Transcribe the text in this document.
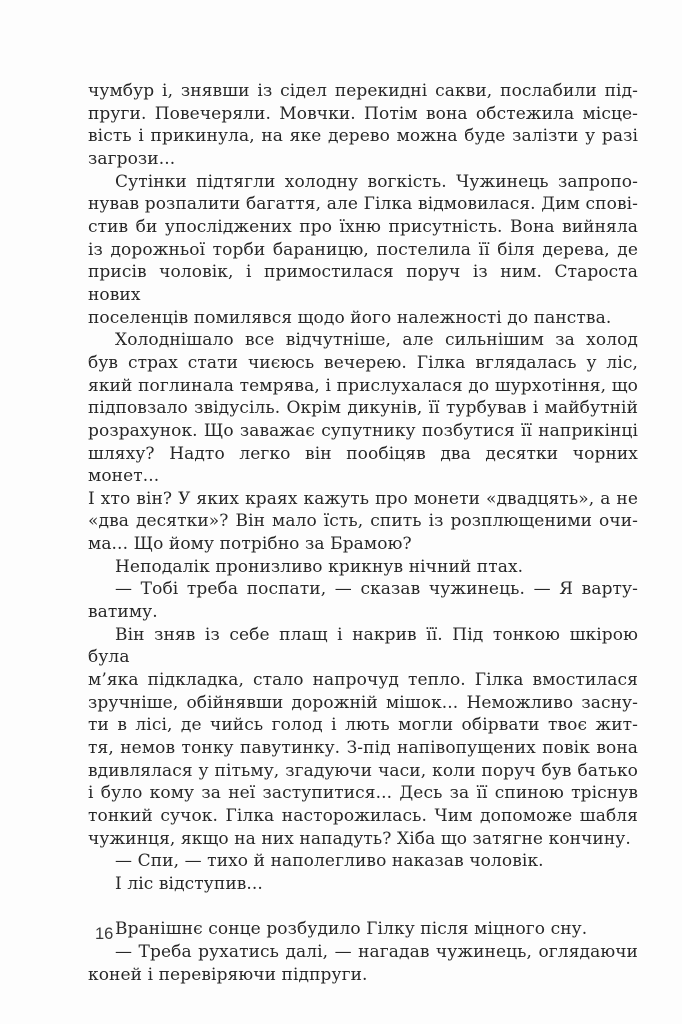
чумбур і, знявши із сідел перекидні сакви, послабили під-
пруги. Повечеряли. Мовчки. Потім вона обстежила місце-
вість і прикинула, на яке дерево можна буде залізти у разі
загрози...
Сутінки підтягли холодну вогкість. Чужинець запропо-
нував розпалити багаття, але Гілка відмовилася. Дим спові-
стив би упосліджених про їхню присутність. Вона вийняла
із дорожньої торби бараницю, постелила її біля дерева, де
присів чоловік, і примостилася поруч із ним. Староста нових
поселенців помилявся щодо його належності до панства.
Холоднішало все відчутніше, але сильнішим за холод
був страх стати чиєюсь вечерею. Гілка вглядалась у ліс,
який поглинала темрява, і прислухалася до шурхотіння, що
підповзало звідусіль. Окрім дикунів, її турбував і майбутній
розрахунок. Що заважає супутнику позбутися її наприкінці
шляху? Надто легко він пообіцяв два десятки чорних монет...
І хто він? У яких краях кажуть про монети «двадцять», а не
«два десятки»? Він мало їсть, спить із розплющеними очи-
ма... Що йому потрібно за Брамою?
Неподалік пронизливо крикнув нічний птах.
— Тобі треба поспати, — сказав чужинець. — Я варту-
ватиму.
Він зняв із себе плащ і накрив її. Під тонкою шкірою була
м’яка підкладка, стало напрочуд тепло. Гілка вмостилася
зручніше, обійнявши дорожній мішок... Неможливо засну-
ти в лісі, де чийсь голод і лють могли обірвати твоє жит-
тя, немов тонку павутинку. З-під напівопущених повік вона
вдивлялася у пітьму, згадуючи часи, коли поруч був батько
і було кому за неї заступитися... Десь за її спиною тріснув
тонкий сучок. Гілка насторожилась. Чим допоможе шабля
чужинця, якщо на них нападуть? Хіба що затягне кончину.
— Спи, — тихо й наполегливо наказав чоловік.
І ліс відступив...
Вранішнє сонце розбудило Гілку після міцного сну.
— Треба рухатись далі, — нагадав чужинець, оглядаючи
коней і перевіряючи підпруги.
16
